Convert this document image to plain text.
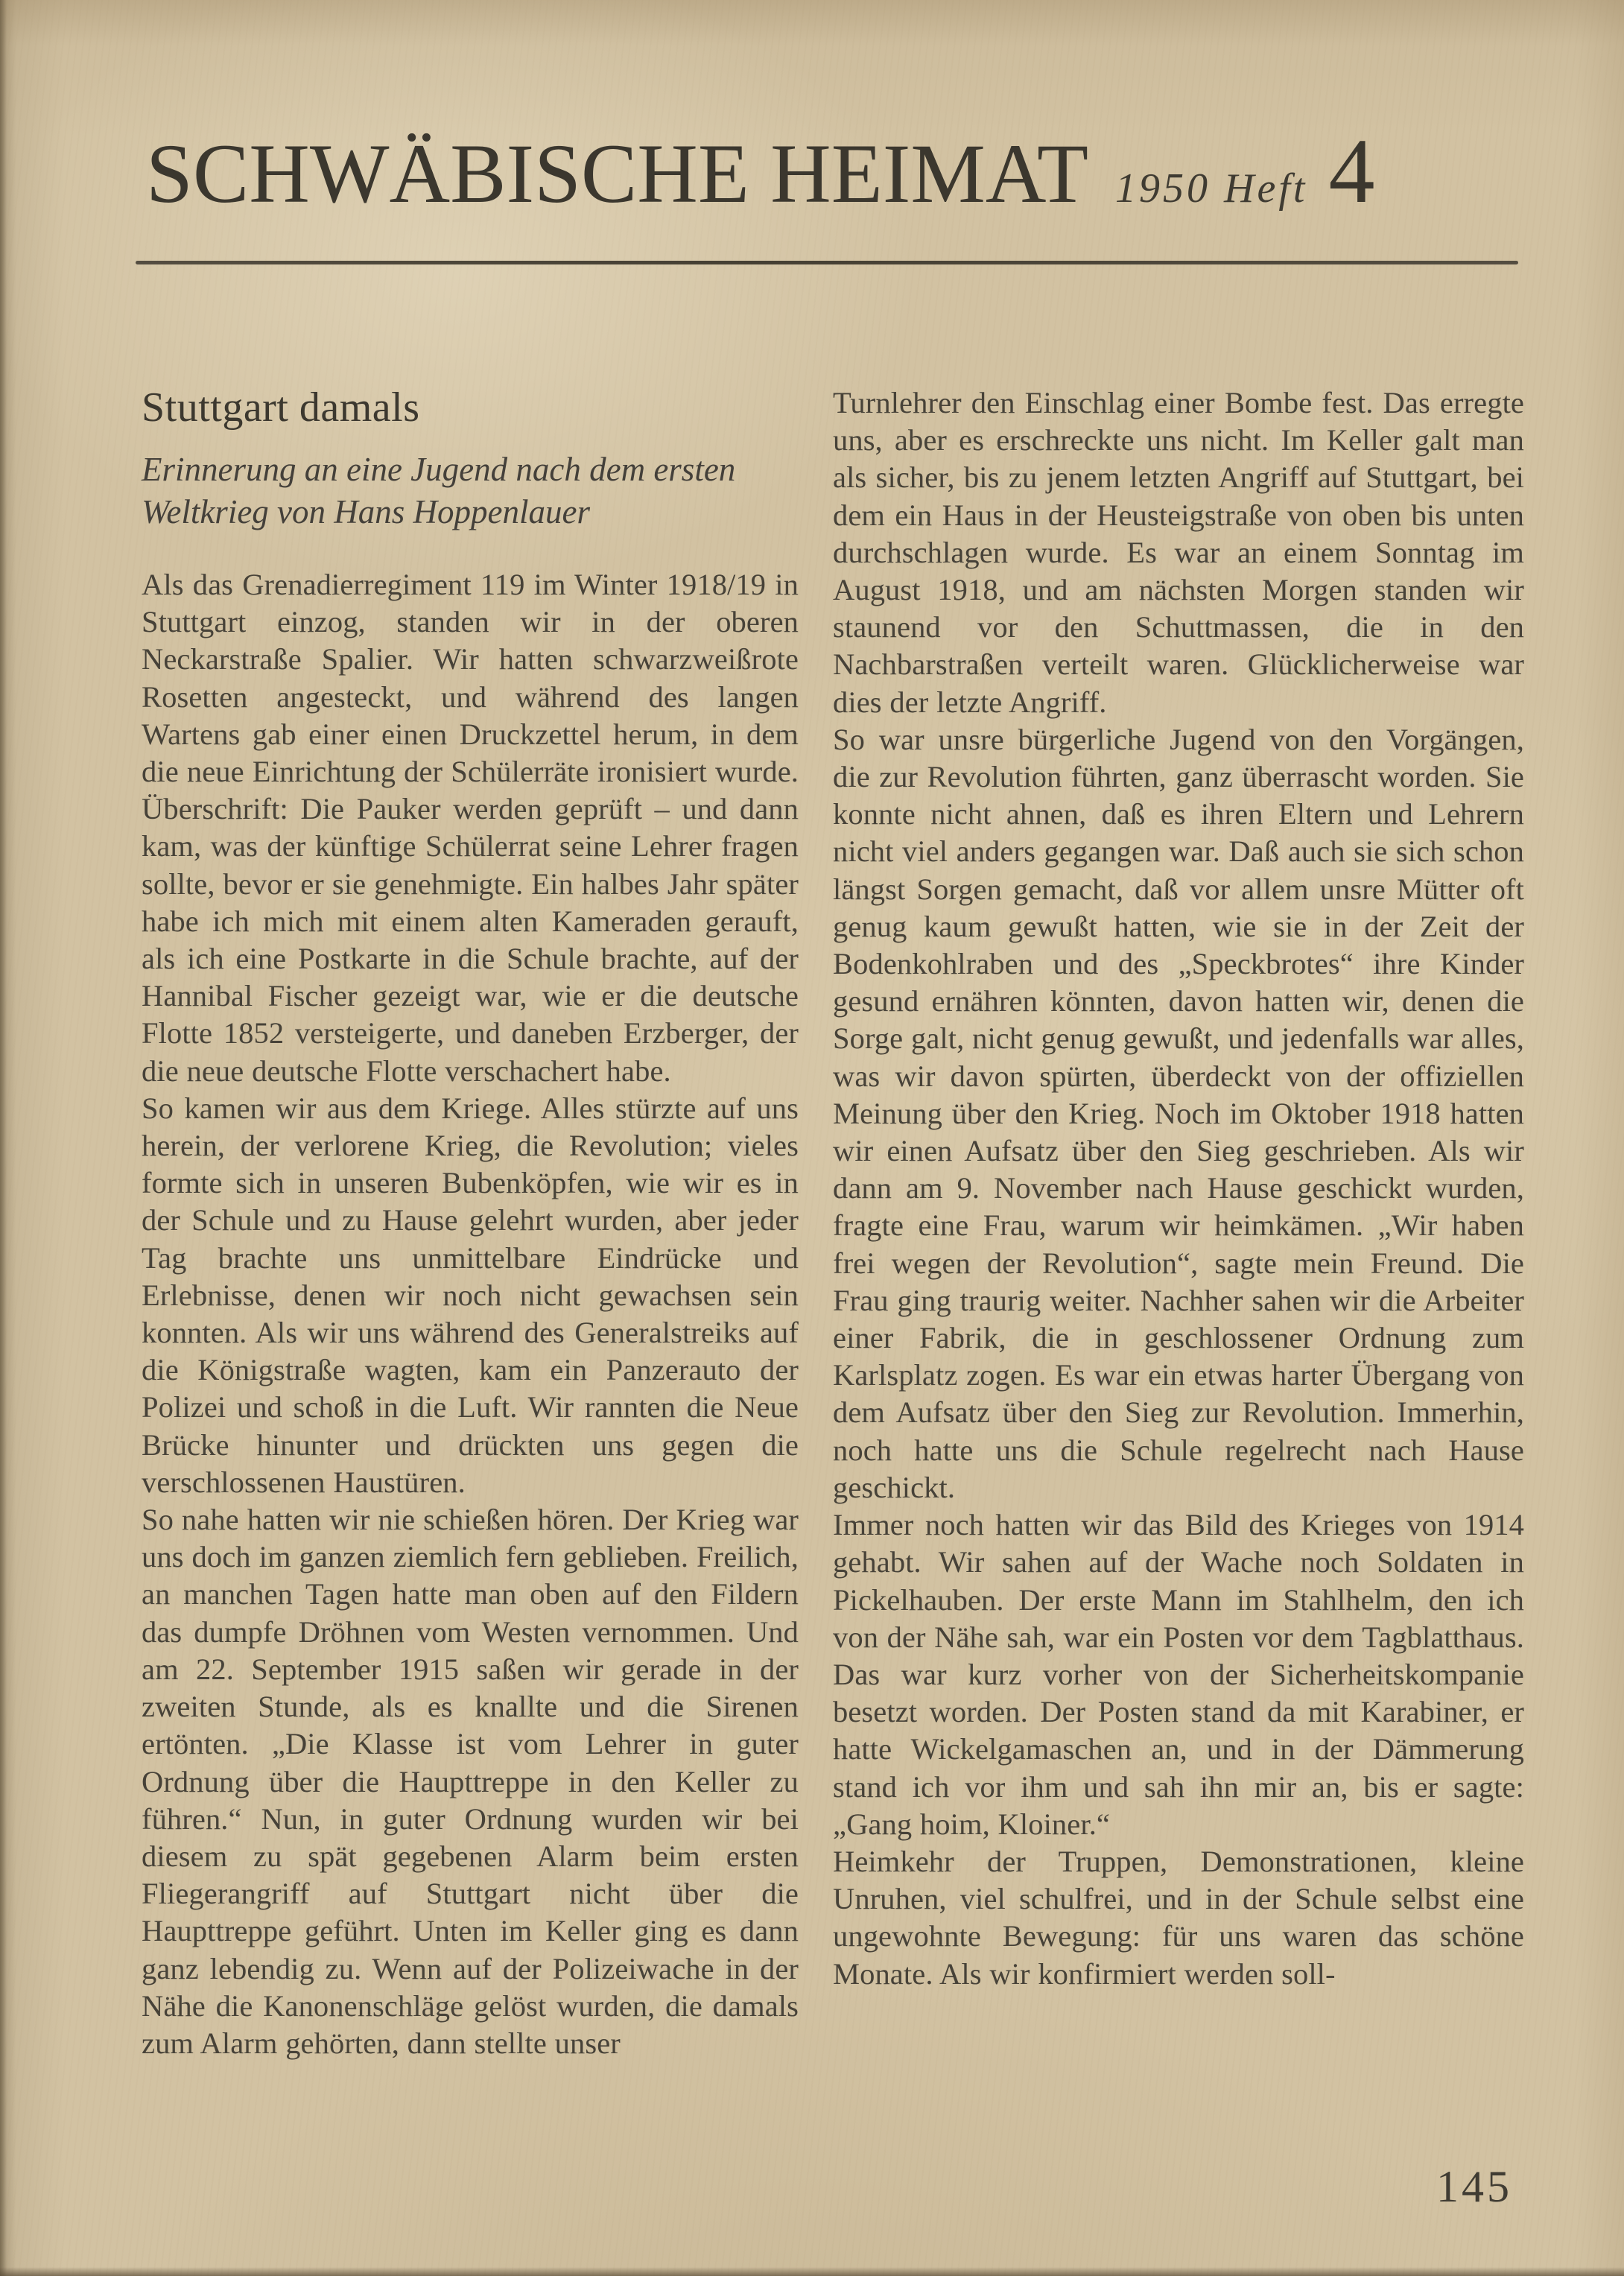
SCHWÄBISCHE HEIMAT 1950 Heft 4
Stuttgart damals

Erinnerung an eine Jugend nach dem ersten Weltkrieg von Hans Hoppenlauer

Als das Grenadierregiment 119 im Winter 1918/19 in Stuttgart einzog, standen wir in der oberen Neckarstraße Spalier. Wir hatten schwarzweißrote Rosetten angesteckt, und während des langen Wartens gab einer einen Druckzettel herum, in dem die neue Einrichtung der Schülerräte ironisiert wurde. Überschrift: Die Pauker werden geprüft – und dann kam, was der künftige Schülerrat seine Lehrer fragen sollte, bevor er sie genehmigte. Ein halbes Jahr später habe ich mich mit einem alten Kameraden gerauft, als ich eine Postkarte in die Schule brachte, auf der Hannibal Fischer gezeigt war, wie er die deutsche Flotte 1852 versteigerte, und daneben Erzberger, der die neue deutsche Flotte verschachert habe.

So kamen wir aus dem Kriege. Alles stürzte auf uns herein, der verlorene Krieg, die Revolution; vieles formte sich in unseren Bubenköpfen, wie wir es in der Schule und zu Hause gelehrt wurden, aber jeder Tag brachte uns unmittelbare Eindrücke und Erlebnisse, denen wir noch nicht gewachsen sein konnten. Als wir uns während des Generalstreiks auf die Königstraße wagten, kam ein Panzerauto der Polizei und schoß in die Luft. Wir rannten die Neue Brücke hinunter und drückten uns gegen die verschlossenen Haustüren.

So nahe hatten wir nie schießen hören. Der Krieg war uns doch im ganzen ziemlich fern geblieben. Freilich, an manchen Tagen hatte man oben auf den Fildern das dumpfe Dröhnen vom Westen vernommen. Und am 22. September 1915 saßen wir gerade in der zweiten Stunde, als es knallte und die Sirenen ertönten. „Die Klasse ist vom Lehrer in guter Ordnung über die Haupttreppe in den Keller zu führen.“ Nun, in guter Ordnung wurden wir bei diesem zu spät gegebenen Alarm beim ersten Fliegerangriff auf Stuttgart nicht über die Haupttreppe geführt. Unten im Keller ging es dann ganz lebendig zu. Wenn auf der Polizeiwache in der Nähe die Kanonenschläge gelöst wurden, die damals zum Alarm gehörten, dann stellte unser

Turnlehrer den Einschlag einer Bombe fest. Das erregte uns, aber es erschreckte uns nicht. Im Keller galt man als sicher, bis zu jenem letzten Angriff auf Stuttgart, bei dem ein Haus in der Heusteigstraße von oben bis unten durchschlagen wurde. Es war an einem Sonntag im August 1918, und am nächsten Morgen standen wir staunend vor den Schuttmassen, die in den Nachbarstraßen verteilt waren. Glücklicherweise war dies der letzte Angriff.

So war unsre bürgerliche Jugend von den Vorgängen, die zur Revolution führten, ganz überrascht worden. Sie konnte nicht ahnen, daß es ihren Eltern und Lehrern nicht viel anders gegangen war. Daß auch sie sich schon längst Sorgen gemacht, daß vor allem unsre Mütter oft genug kaum gewußt hatten, wie sie in der Zeit der Bodenkohlraben und des „Speckbrotes“ ihre Kinder gesund ernähren könnten, davon hatten wir, denen die Sorge galt, nicht genug gewußt, und jedenfalls war alles, was wir davon spürten, überdeckt von der offiziellen Meinung über den Krieg. Noch im Oktober 1918 hatten wir einen Aufsatz über den Sieg geschrieben. Als wir dann am 9. November nach Hause geschickt wurden, fragte eine Frau, warum wir heimkämen. „Wir haben frei wegen der Revolution“, sagte mein Freund. Die Frau ging traurig weiter. Nachher sahen wir die Arbeiter einer Fabrik, die in geschlossener Ordnung zum Karlsplatz zogen. Es war ein etwas harter Übergang von dem Aufsatz über den Sieg zur Revolution. Immerhin, noch hatte uns die Schule regelrecht nach Hause geschickt.

Immer noch hatten wir das Bild des Krieges von 1914 gehabt. Wir sahen auf der Wache noch Soldaten in Pickelhauben. Der erste Mann im Stahlhelm, den ich von der Nähe sah, war ein Posten vor dem Tagblatthaus. Das war kurz vorher von der Sicherheitskompanie besetzt worden. Der Posten stand da mit Karabiner, er hatte Wickelgamaschen an, und in der Dämmerung stand ich vor ihm und sah ihn mir an, bis er sagte: „Gang hoim, Kloiner.“

Heimkehr der Truppen, Demonstrationen, kleine Unruhen, viel schulfrei, und in der Schule selbst eine ungewohnte Bewegung: für uns waren das schöne Monate. Als wir konfirmiert werden soll-

145
